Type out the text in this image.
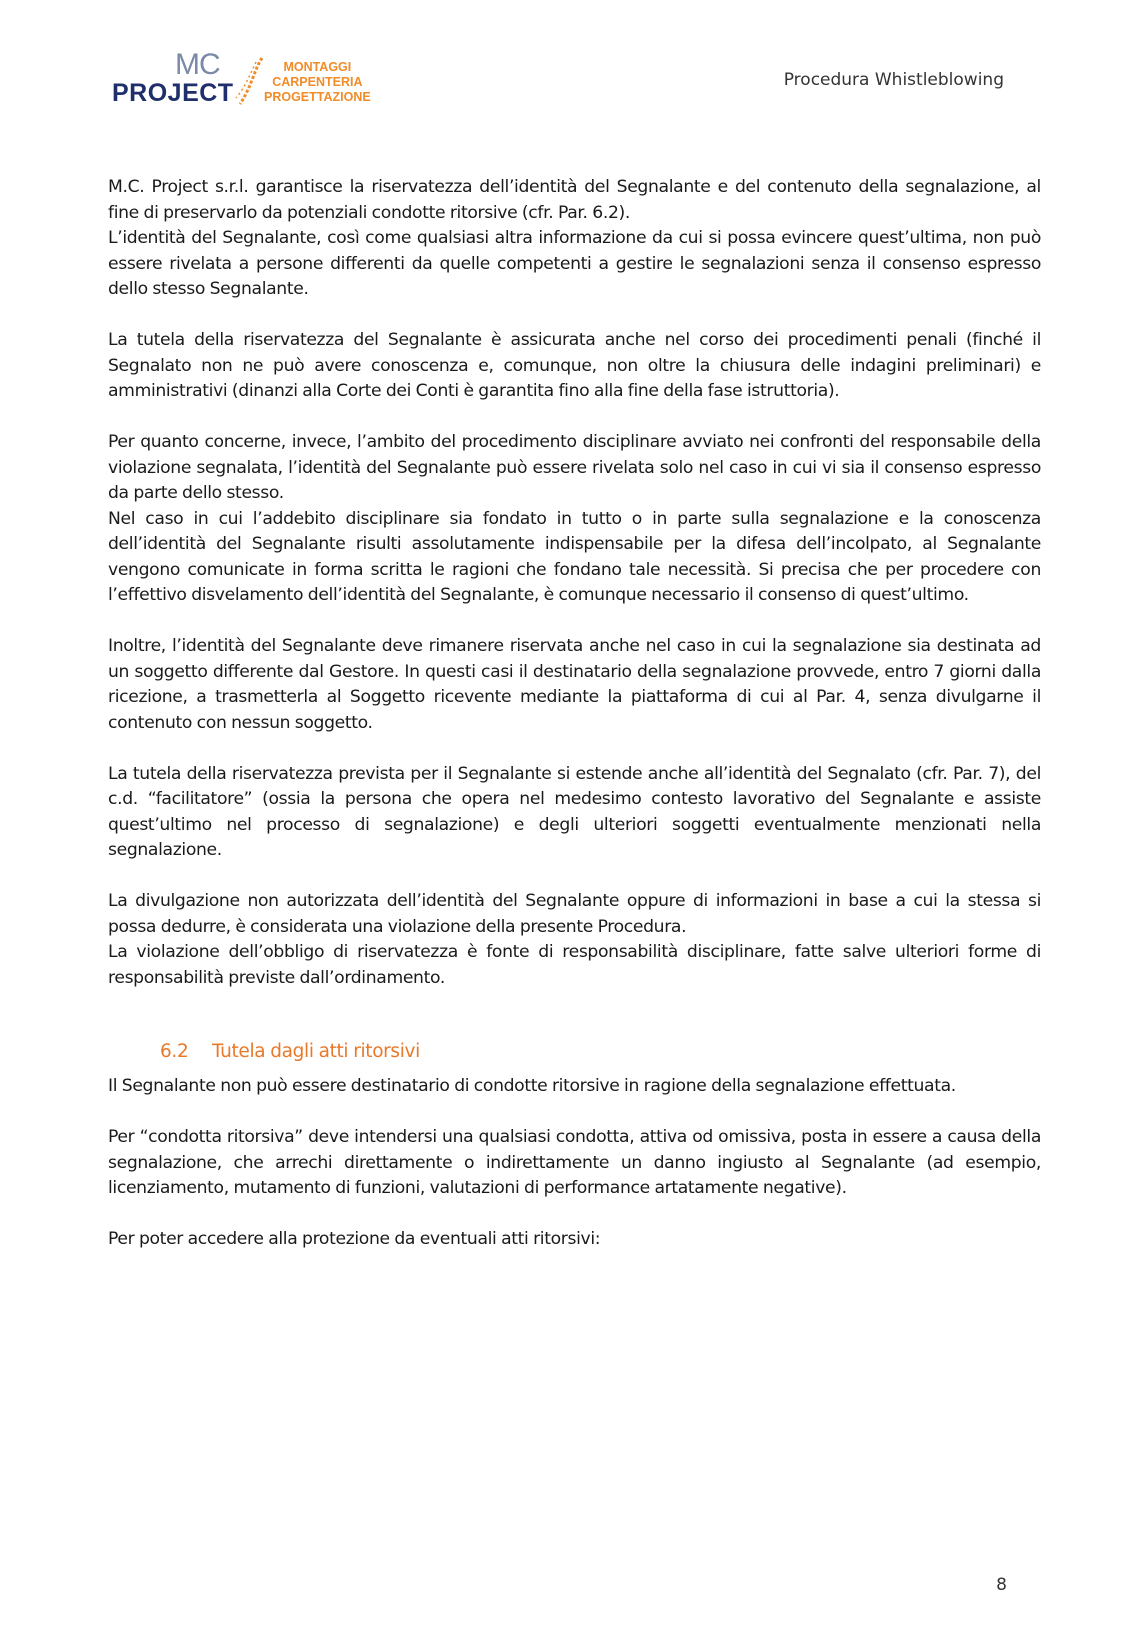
MC
PROJECT
MONTAGGI
CARPENTERIA
PROGETTAZIONE
Procedura Whistleblowing

M.C. Project s.r.l. garantisce la riservatezza dell’identità del Segnalante e del contenuto della segnalazione, al fine di preservarlo da potenziali condotte ritorsive (cfr. Par. 6.2).

L’identità del Segnalante, così come qualsiasi altra informazione da cui si possa evincere quest’ultima, non può essere rivelata a persone differenti da quelle competenti a gestire le segnalazioni senza il consenso espresso dello stesso Segnalante.

La tutela della riservatezza del Segnalante è assicurata anche nel corso dei procedimenti penali (finché il Segnalato non ne può avere conoscenza e, comunque, non oltre la chiusura delle indagini preliminari) e amministrativi (dinanzi alla Corte dei Conti è garantita fino alla fine della fase istruttoria).

Per quanto concerne, invece, l’ambito del procedimento disciplinare avviato nei confronti del responsabile della violazione segnalata, l’identità del Segnalante può essere rivelata solo nel caso in cui vi sia il consenso espresso da parte dello stesso.

Nel caso in cui l’addebito disciplinare sia fondato in tutto o in parte sulla segnalazione e la conoscenza dell’identità del Segnalante risulti assolutamente indispensabile per la difesa dell’incolpato, al Segnalante vengono comunicate in forma scritta le ragioni che fondano tale necessità. Si precisa che per procedere con l’effettivo disvelamento dell’identità del Segnalante, è comunque necessario il consenso di quest’ultimo.

Inoltre, l’identità del Segnalante deve rimanere riservata anche nel caso in cui la segnalazione sia destinata ad un soggetto differente dal Gestore. In questi casi il destinatario della segnalazione provvede, entro 7 giorni dalla ricezione, a trasmetterla al Soggetto ricevente mediante la piattaforma di cui al Par. 4, senza divulgarne il contenuto con nessun soggetto.

La tutela della riservatezza prevista per il Segnalante si estende anche all’identità del Segnalato (cfr. Par. 7), del c.d. “facilitatore” (ossia la persona che opera nel medesimo contesto lavorativo del Segnalante e assiste quest’ultimo nel processo di segnalazione) e degli ulteriori soggetti eventualmente menzionati nella segnalazione.

La divulgazione non autorizzata dell’identità del Segnalante oppure di informazioni in base a cui la stessa si possa dedurre, è considerata una violazione della presente Procedura.

La violazione dell’obbligo di riservatezza è fonte di responsabilità disciplinare, fatte salve ulteriori forme di responsabilità previste dall’ordinamento.

6.2 Tutela dagli atti ritorsivi

Il Segnalante non può essere destinatario di condotte ritorsive in ragione della segnalazione effettuata.

Per “condotta ritorsiva” deve intendersi una qualsiasi condotta, attiva od omissiva, posta in essere a causa della segnalazione, che arrechi direttamente o indirettamente un danno ingiusto al Segnalante (ad esempio, licenziamento, mutamento di funzioni, valutazioni di performance artatamente negative).

Per poter accedere alla protezione da eventuali atti ritorsivi:

8
